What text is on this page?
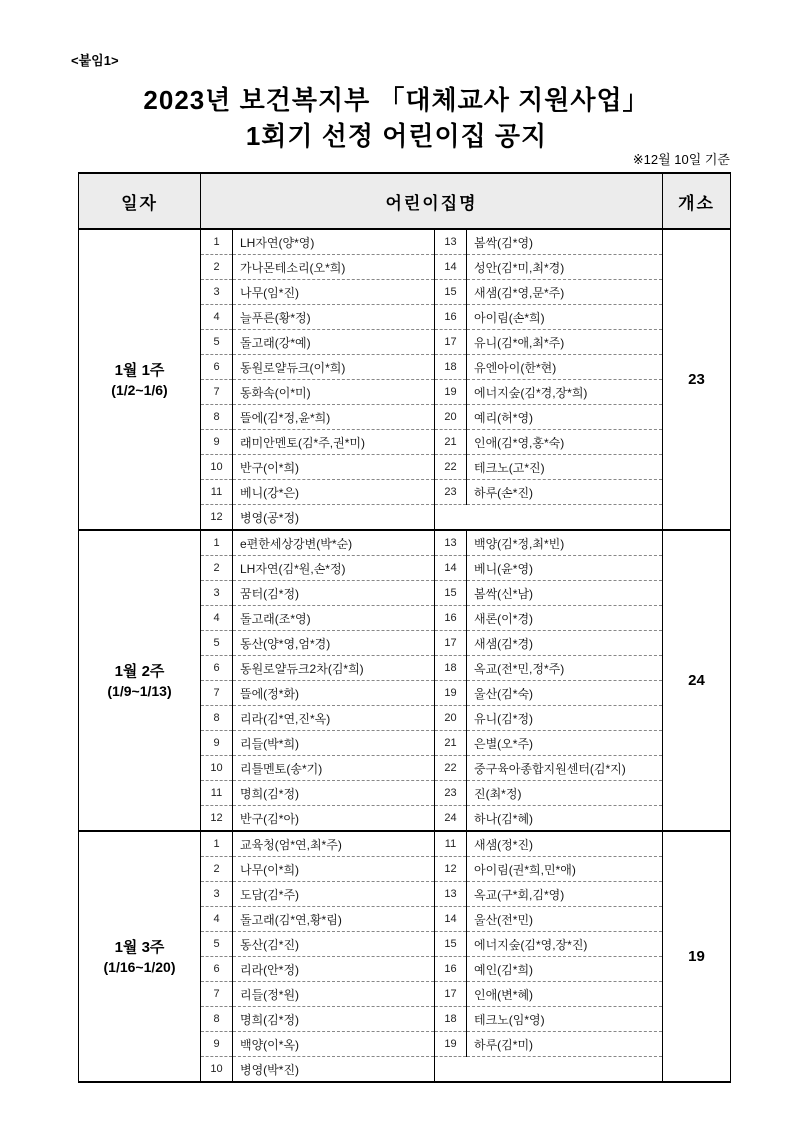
<붙임1>
2023년 보건복지부 「대체교사 지원사업」
1회기 선정 어린이집 공지
※12월 10일 기준
일자	어린이집명				개소

1월 1주
(1/2~1/6)	1	LH자연(양*영)	13	봄싹(김*영)	23
	2	가나몬테소리(오*희)	14	성안(김*미,최*경)	
	3	나무(임*진)	15	새샘(김*영,문*주)	
	4	늘푸른(황*정)	16	아이림(손*희)	
	5	돌고래(강*예)	17	유니(김*애,최*주)	
	6	동원로얄듀크(이*희)	18	유엔아이(한*현)	
	7	동화속(이*미)	19	에너지숲(김*경,장*희)	
	8	뜰에(김*정,윤*희)	20	예리(허*영)	
	9	래미안멘토(김*주,권*미)	21	인애(김*영,홍*숙)	
	10	반구(이*희)	22	테크노(고*진)	
	11	베니(강*은)	23	하루(손*진)	
	12	병영(공*정)			

1월 2주
(1/9~1/13)	1	e편한세상강변(박*순)	13	백양(김*정,최*빈)	24
	2	LH자연(김*원,손*정)	14	베니(윤*영)	
	3	꿈터(김*정)	15	봄싹(신*남)	
	4	돌고래(조*영)	16	새론(이*경)	
	5	동산(양*영,엄*경)	17	새샘(김*경)	
	6	동원로얄듀크2차(김*희)	18	옥교(전*민,정*주)	
	7	뜰에(정*화)	19	울산(김*숙)	
	8	리라(김*연,진*옥)	20	유니(김*정)	
	9	리들(박*희)	21	은별(오*주)	
	10	리틀멘토(송*기)	22	중구육아종합지원센터(김*지)	
	11	명희(김*정)	23	진(최*정)	
	12	반구(김*아)	24	하나(김*혜)	

1월 3주
(1/16~1/20)	1	교육청(엄*연,최*주)	11	새샘(정*진)	19
	2	나무(이*희)	12	아이림(권*희,민*애)	
	3	도담(김*주)	13	옥교(구*회,김*영)	
	4	돌고래(김*연,황*림)	14	울산(전*민)	
	5	동산(김*진)	15	에너지숲(김*영,장*진)	
	6	리라(안*정)	16	예인(김*희)	
	7	리들(정*원)	17	인애(변*혜)	
	8	명희(김*정)	18	테크노(임*영)	
	9	백양(이*옥)	19	하루(김*미)	
	10	병영(박*진)			
